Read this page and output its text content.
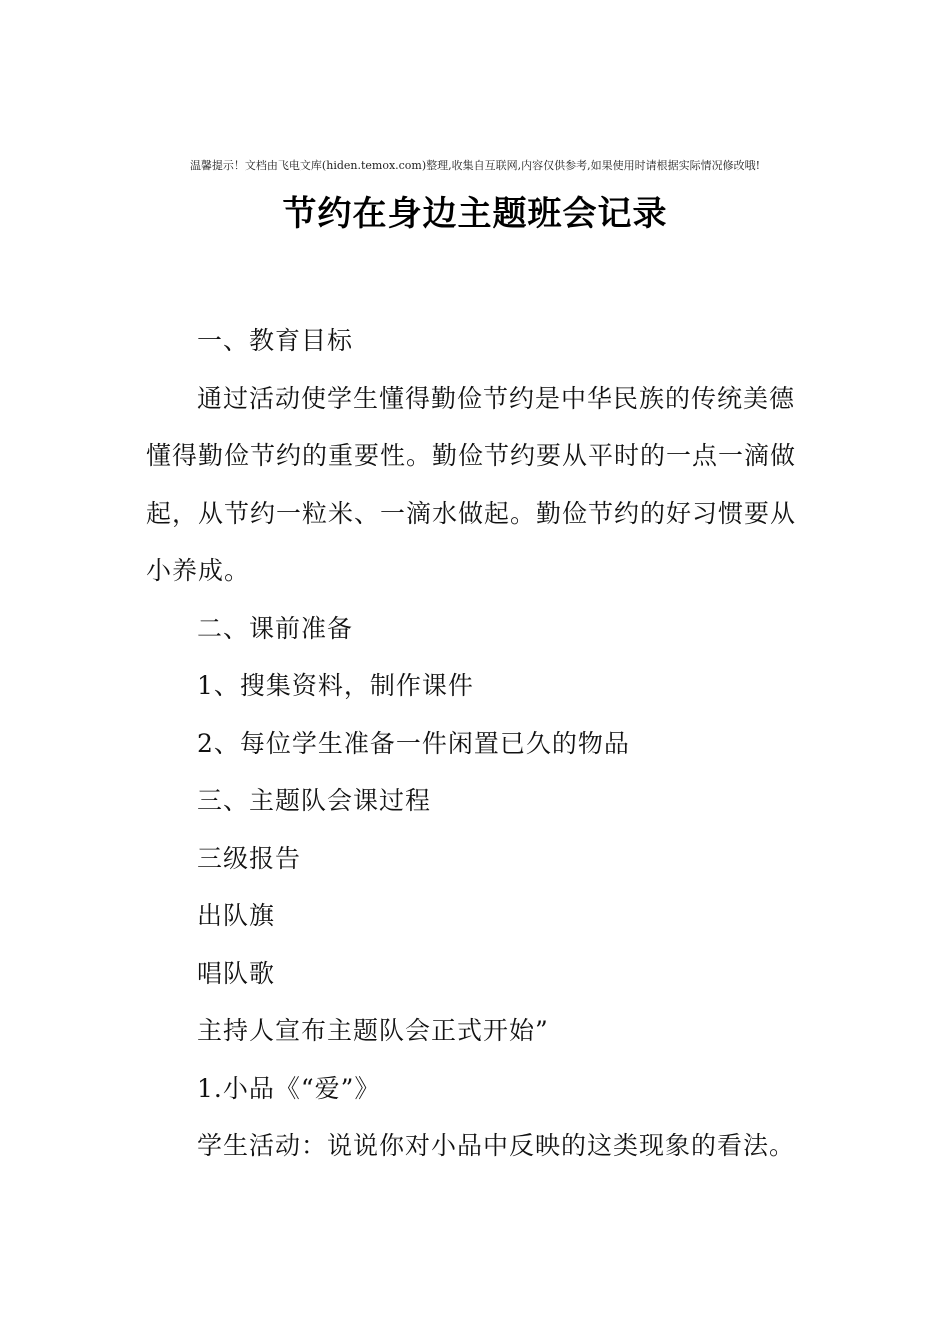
温馨提示！文档由飞电文库(hiden.temox.com)整理,收集自互联网,内容仅供参考,如果使用时请根据实际情况修改哦!
节约在身边主题班会记录

一、教育目标

通过活动使学生懂得勤俭节约是中华民族的传统美德懂得勤俭节约的重要性。勤俭节约要从平时的一点一滴做起，从节约一粒米、一滴水做起。勤俭节约的好习惯要从小养成。

二、课前准备

1、搜集资料，制作课件

2、每位学生准备一件闲置已久的物品

三、主题队会课过程

三级报告

出队旗

唱队歌

主持人宣布主题队会正式开始”

1.小品《“爱”》

学生活动：说说你对小品中反映的这类现象的看法。
